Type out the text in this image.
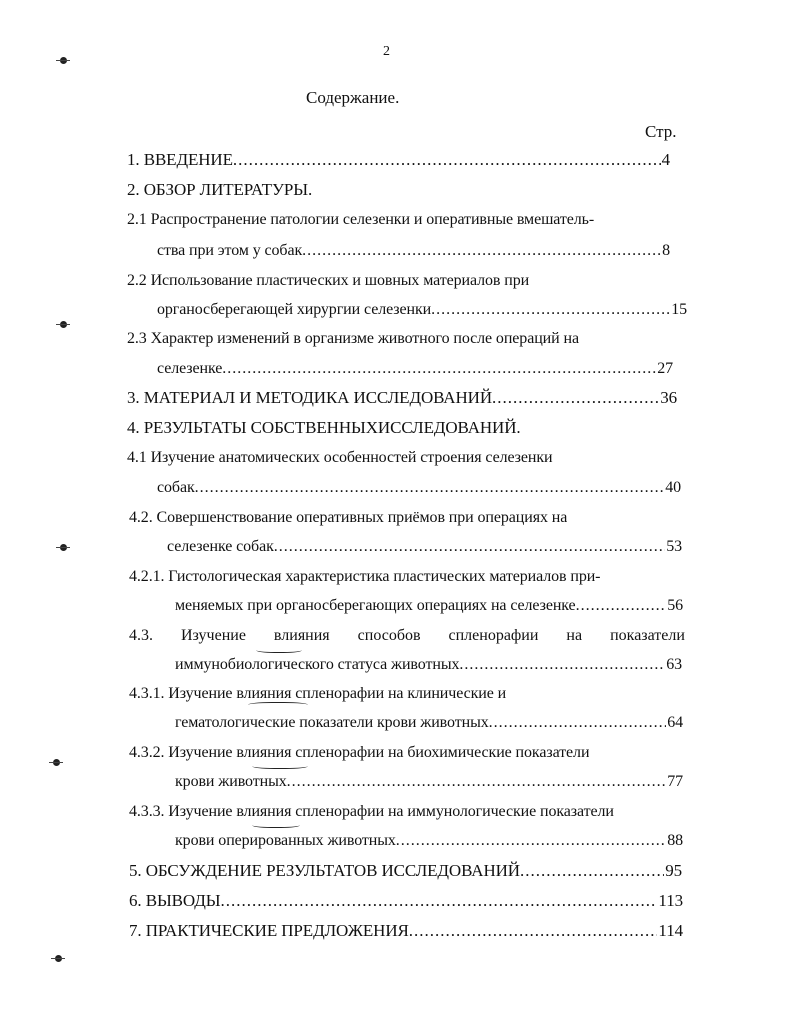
2
Содержание.
Стр.
1. ВВЕДЕНИЕ .....	4
2. ОБЗОР ЛИТЕРАТУРЫ.
2.1 Распространение патологии селезенки и оперативные вмешатель-
ства при этом у собак .....	8
2.2 Использование пластических и шовных материалов при
органосберегающей хирургии селезенки .....	15
2.3 Характер изменений в организме животного после операций на
селезенке .....	27
3. МАТЕРИАЛ И МЕТОДИКА ИССЛЕДОВАНИЙ .....	36
4. РЕЗУЛЬТАТЫ СОБСТВЕННЫХИССЛЕДОВАНИЙ.
4.1 Изучение анатомических особенностей строения селезенки
собак .....	40
4.2. Совершенствование оперативных приёмов при операциях на
селезенке собак .....	53
4.2.1. Гистологическая характеристика пластических материалов при-
меняемых при органосберегающих операциях на селезенке .....	56
4.3. Изучение влияния способов спленорафии на показатели
иммунобиологического статуса животных .....	63
4.3.1. Изучение влияния спленорафии на клинические и
гематологические показатели крови животных .....	64
4.3.2. Изучение влияния спленорафии на биохимические показатели
крови животных .....	77
4.3.3. Изучение влияния спленорафии на иммунологические показатели
крови оперированных животных .....	88
5. ОБСУЖДЕНИЕ РЕЗУЛЬТАТОВ ИССЛЕДОВАНИЙ .....	95
6. ВЫВОДЫ .....	113
7. ПРАКТИЧЕСКИЕ ПРЕДЛОЖЕНИЯ .....	114
